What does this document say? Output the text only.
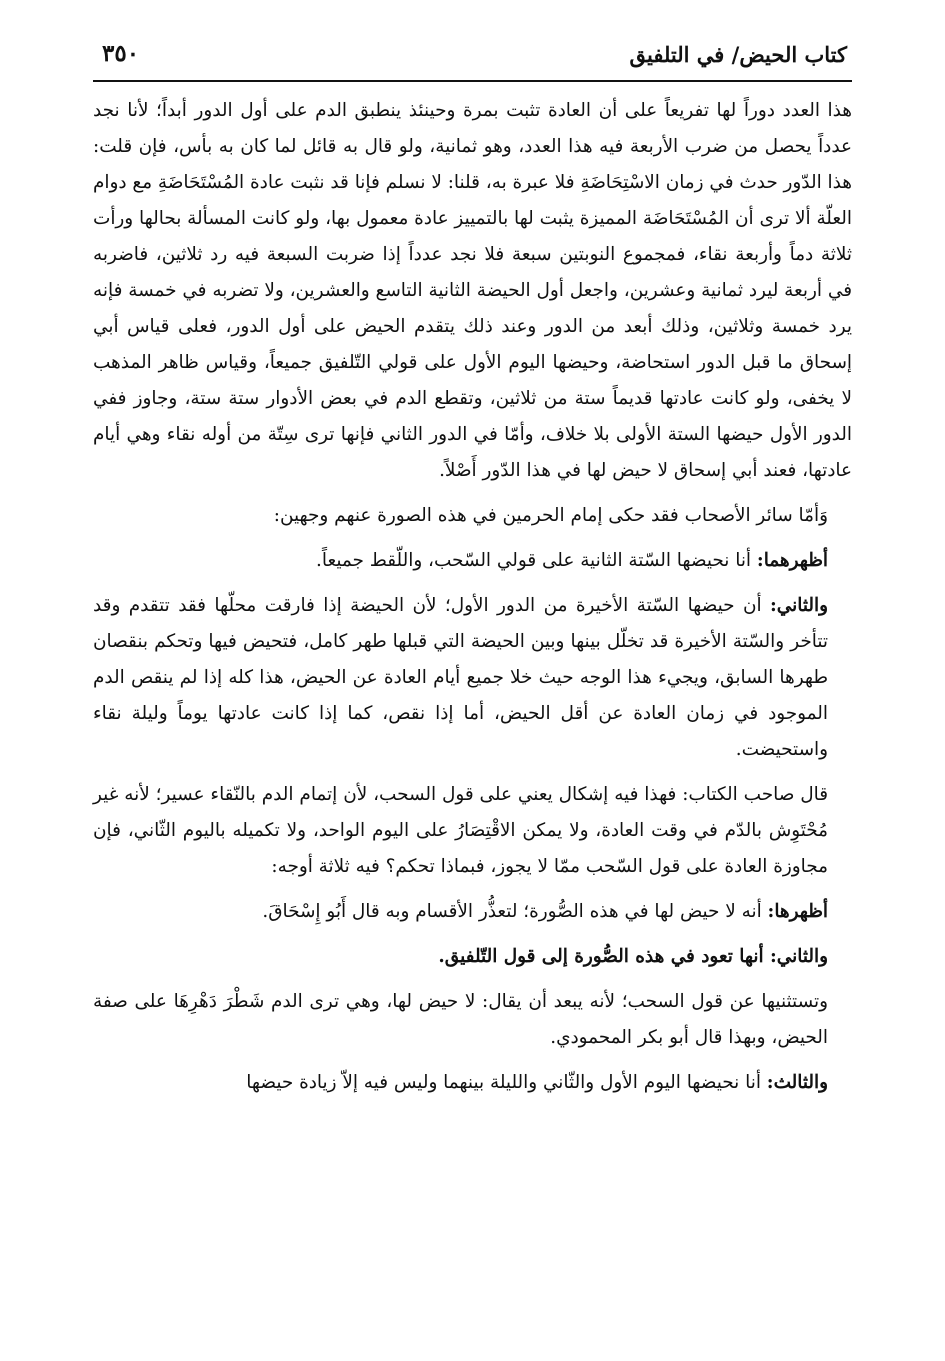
كتاب الحيض/ في التلفيق
٣٥٠

هذا العدد دوراً لها تفريعاً على أن العادة تثبت بمرة وحينئذ ينطبق الدم على أول الدور أبداً؛ لأنا نجد عدداً يحصل من ضرب الأربعة فيه هذا العدد، وهو ثمانية، ولو قال به قائل لما كان به بأس، فإن قلت: هذا الدّور حدث في زمان الاسْتِحَاضَةِ فلا عبرة به، قلنا: لا نسلم فإنا قد نثبت عادة المُسْتَحَاضَةِ مع دوام العلّة ألا ترى أن المُسْتَحَاضَة المميزة يثبت لها بالتمييز عادة معمول بها، ولو كانت المسألة بحالها ورأت ثلاثة دماً وأربعة نقاء، فمجموع النوبتين سبعة فلا نجد عدداً إذا ضربت السبعة فيه رد ثلاثين، فاضربه في أربعة ليرد ثمانية وعشرين، واجعل أول الحيضة الثانية التاسع والعشرين، ولا تضربه في خمسة فإنه يرد خمسة وثلاثين، وذلك أبعد من الدور وعند ذلك يتقدم الحيض على أول الدور، فعلى قياس أبي إسحاق ما قبل الدور استحاضة، وحيضها اليوم الأول على قولي التّلفيق جميعاً، وقياس ظاهر المذهب لا يخفى، ولو كانت عادتها قديماً ستة من ثلاثين، وتقطع الدم في بعض الأدوار ستة ستة، وجاوز ففي الدور الأول حيضها الستة الأولى بلا خلاف، وأمّا في الدور الثاني فإنها ترى سِتّة من أوله نقاء وهي أيام عادتها، فعند أبي إسحاق لا حيض لها في هذا الدّور أَصْلاً.

وَأمّا سائر الأصحاب فقد حكى إمام الحرمين في هذه الصورة عنهم وجهين:

أظهرهما: أنا نحيضها السّتة الثانية على قولي السّحب، واللّقط جميعاً.

والثاني: أن حيضها السّتة الأخيرة من الدور الأول؛ لأن الحيضة إذا فارقت محلّها فقد تتقدم وقد تتأخر والسّتة الأخيرة قد تخلّل بينها وبين الحيضة التي قبلها طهر كامل، فتحيض فيها وتحكم بنقصان طهرها السابق، ويجيء هذا الوجه حيث خلا جميع أيام العادة عن الحيض، هذا كله إذا لم ينقص الدم الموجود في زمان العادة عن أقل الحيض، أما إذا نقص، كما إذا كانت عادتها يوماً وليلة نقاء واستحيضت.

قال صاحب الكتاب: فهذا فيه إشكال يعني على قول السحب، لأن إتمام الدم بالنّقاء عسير؛ لأنه غير مُحْتَوِش بالدّم في وقت العادة، ولا يمكن الاقْتِصَارُ على اليوم الواحد، ولا تكميله باليوم الثّاني، فإن مجاوزة العادة على قول السّحب ممّا لا يجوز، فبماذا تحكم؟ فيه ثلاثة أوجه:

أظهرها: أنه لا حيض لها في هذه الصُّورة؛ لتعذُّر الأقسام وبه قال أَبُو إِسْحَاقَ.

والثاني: أنها تعود في هذه الصُّورة إلى قول التّلفيق.

وتستثنيها عن قول السحب؛ لأنه يبعد أن يقال: لا حيض لها، وهي ترى الدم شَطْرَ دَهْرِهَا على صفة الحيض، وبهذا قال أبو بكر المحمودي.

والثالث: أنا نحيضها اليوم الأول والثّاني والليلة بينهما وليس فيه إلاّ زيادة حيضها
